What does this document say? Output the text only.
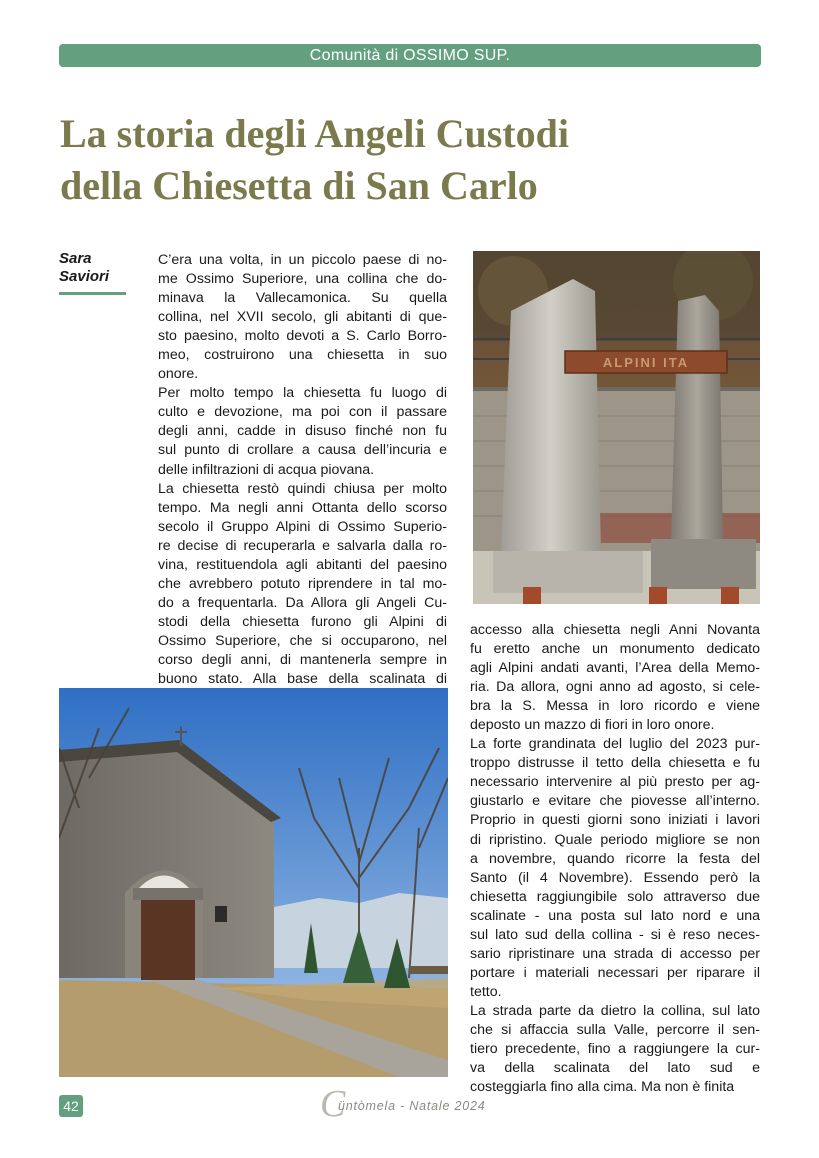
Comunità di OSSIMO SUP.
La storia degli Angeli Custodi
della Chiesetta di San Carlo
Sara
Saviori

C’era una volta, in un piccolo paese di no-

me Ossimo Superiore, una collina che do-

minava la Vallecamonica. Su quella

collina, nel XVII secolo, gli abitanti di que-

sto paesino, molto devoti a S. Carlo Borro-

meo, costruirono una chiesetta in suo

onore.

Per molto tempo la chiesetta fu luogo di

culto e devozione, ma poi con il passare

degli anni, cadde in disuso finché non fu

sul punto di crollare a causa dell’incuria e

delle infiltrazioni di acqua piovana.

La chiesetta restò quindi chiusa per molto

tempo. Ma negli anni Ottanta dello scorso

secolo il Gruppo Alpini di Ossimo Superio-

re decise di recuperarla e salvarla dalla ro-

vina, restituendola agli abitanti del paesino

che avrebbero potuto riprendere in tal mo-

do a frequentarla. Da Allora gli Angeli Cu-

stodi della chiesetta furono gli Alpini di

Ossimo Superiore, che si occuparono, nel

corso degli anni, di mantenerla sempre in

buono stato. Alla base della scalinata di

ALPINI ITA

accesso alla chiesetta negli Anni Novanta

fu eretto anche un monumento dedicato

agli Alpini andati avanti, l’Area della Memo-

ria. Da allora, ogni anno ad agosto, si cele-

bra la S. Messa in loro ricordo e viene

deposto un mazzo di fiori in loro onore.

La forte grandinata del luglio del 2023 pur-

troppo distrusse il tetto della chiesetta e fu

necessario intervenire al più presto per ag-

giustarlo e evitare che piovesse all’interno.

Proprio in questi giorni sono iniziati i lavori

di ripristino. Quale periodo migliore se non

a novembre, quando ricorre la festa del

Santo (il 4 Novembre). Essendo però la

chiesetta raggiungibile solo attraverso due

scalinate - una posta sul lato nord e una

sul lato sud della collina - si è reso neces-

sario ripristinare una strada di accesso per

portare i materiali necessari per riparare il

tetto.

La strada parte da dietro la collina, sul lato

che si affaccia sulla Valle, percorre il sen-

tiero precedente, fino a raggiungere la cur-

va della scalinata del lato sud e

costeggiarla fino alla cima. Ma non è finita

42	C
üntòmela - Natale 2024
